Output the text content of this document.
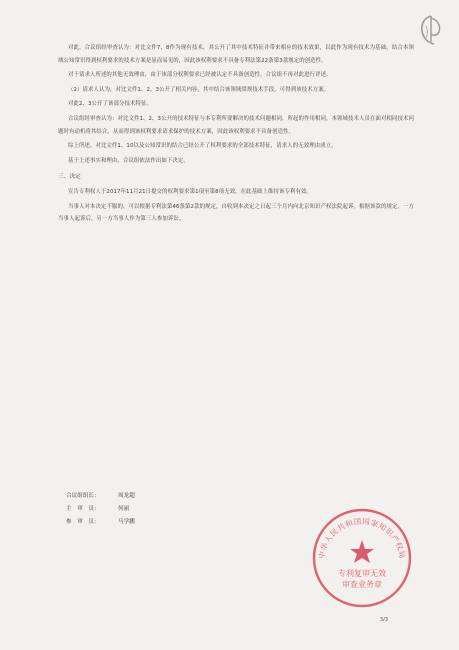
对此，合议组经审查认为：对比文件7、8作为现有技术，其公开了其中技术特征并带来相应的技术效果，以此作为现有技术为基础，结合本领域公知常识得到权利要求的技术方案是显而易见的，因此该权利要求不具备专利法第22条第3款规定的创造性。

对于请求人所述的其他无效理由，由于该部分权利要求已经被认定不具备创造性，合议组不再对此进行评述。

（2）请求人认为，对比文件1、2、3公开了相关内容，其中结合该领域常规技术手段，可得到该技术方案。

对此2、3公开了该部分技术特征。

合议组经审查认为：对比文件1、2、3公开的技术特征与本专利所要解决的技术问题相同，所起的作用相同，本领域技术人员在面对相同技术问题时有动机将其结合，从而得到该权利要求请求保护的技术方案，因此该权利要求不具备创造性。

综上所述，对比文件1、10以及公知常识的结合已经公开了权利要求的全部技术特征，请求人的无效理由成立。

基于上述事实和理由，合议组依法作出如下决定。

三、决定

宣告专利权人于2017年11月21日提交的权利要求第1项至第8项无效，在此基础上维持该专利有效。

当事人对本决定不服的，可以根据专利法第46条第2款的规定，自收到本决定之日起三个月内向北京知识产权法院起诉。根据该款的规定，一方当事人起诉后，另一方当事人作为第三人参加诉讼。

合议组组长：	周龙超
主　审　员：	何丽
参　审　员：	马学鹏
中华人民共和国国家知识产权局
专利复审无效
审查业务章
3/3
